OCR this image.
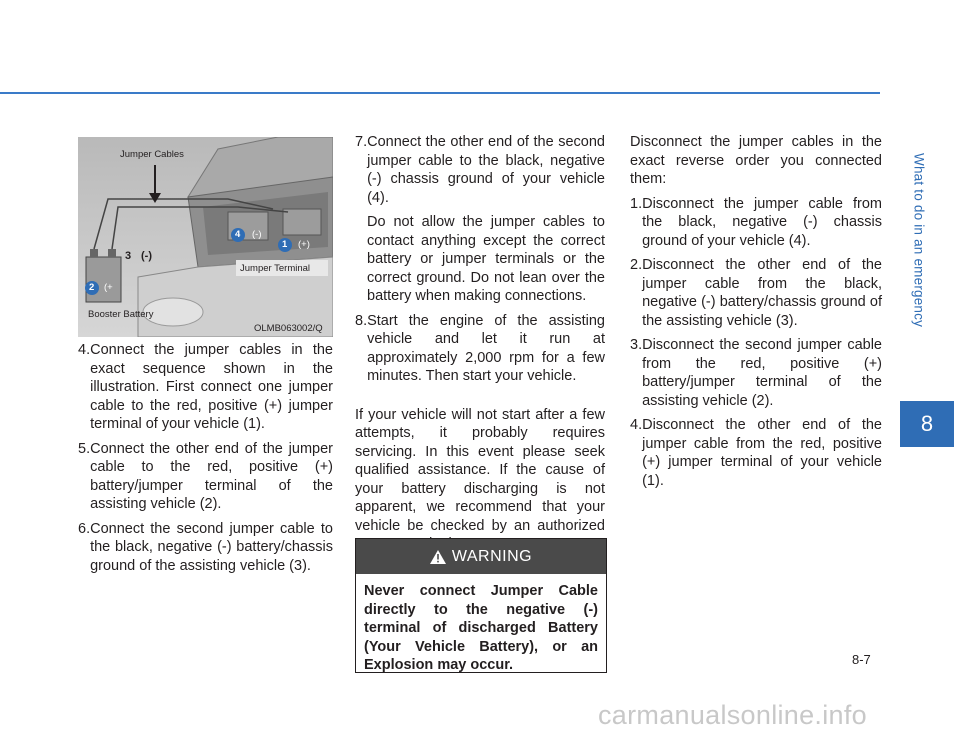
What to do in an emergency
8
Jumper Cables
Jumper Terminal
Booster Battery
OLMB063002/Q
1
2
3
4
(-)
(-)
(+)
(+
4. Connect the jumper cables in the exact sequence shown in the illustration. First connect one jumper cable to the red, positive (+) jumper terminal of your vehicle (1).
5. Connect the other end of the jumper cable to the red, positive (+) battery/jumper terminal of the assisting vehicle (2).
6. Connect the second jumper cable to the black, negative (-) battery/chassis ground of the assisting vehicle (3).
7. Connect the other end of the second jumper cable to the black, negative (-) chassis ground of your vehicle (4).
Do not allow the jumper cables to contact anything except the correct battery or jumper terminals or the correct ground. Do not lean over the battery when making connections.
8. Start the engine of the assisting vehicle and let it run at approximately 2,000 rpm for a few minutes. Then start your vehicle.
If your vehicle will not start after a few attempts, it probably requires servicing. In this event please seek qualified assistance. If the cause of your battery discharging is not apparent, we recommend that your vehicle be checked by an authorized
WARNING
Never connect Jumper Cable directly to the negative (-) terminal of discharged Battery (Your Vehicle Battery), or an Explosion may occur.
Disconnect the jumper cables in the exact reverse order you connected them:
1. Disconnect the jumper cable from the black, negative (-) chassis ground of your vehicle (4).
2. Disconnect the other end of the jumper cable from the black, negative (-) battery/chassis ground of the assisting vehicle (3).
3. Disconnect the second jumper cable from the red, positive (+) battery/jumper terminal of the assisting vehicle (2).
4. Disconnect the other end of the jumper cable from the red, positive (+) jumper terminal of your vehicle (1).
8-7
carmanualsonline.info
